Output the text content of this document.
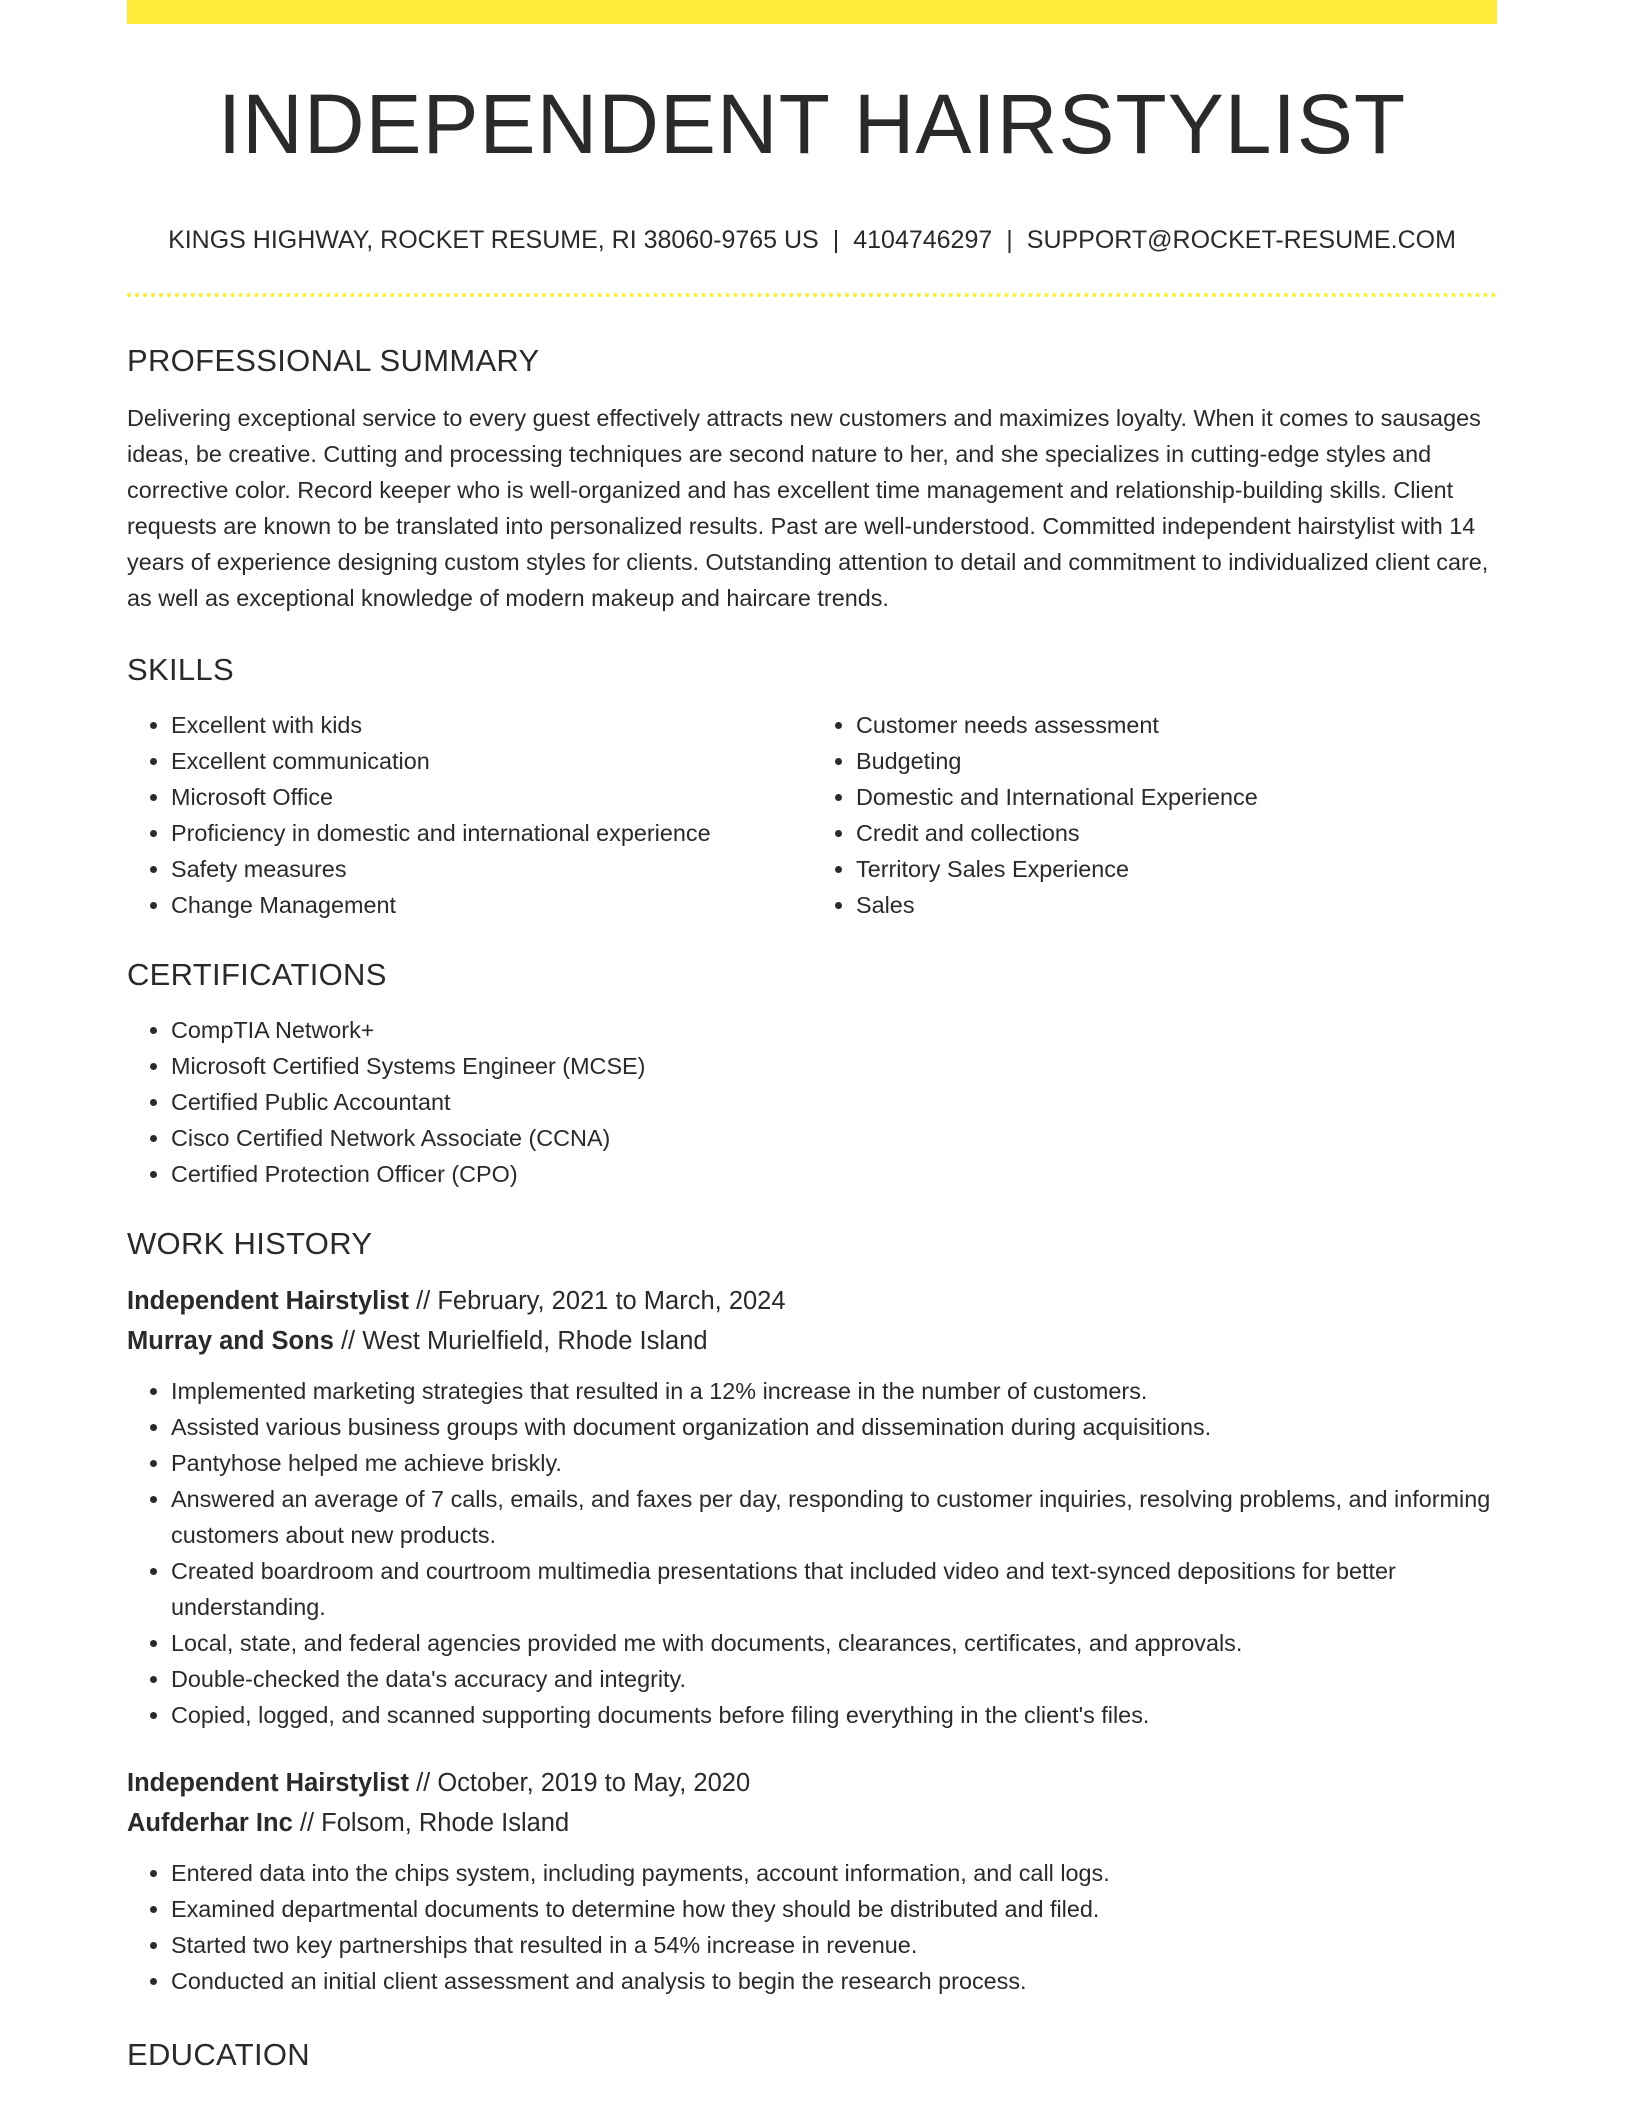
INDEPENDENT HAIRSTYLIST
KINGS HIGHWAY, ROCKET RESUME, RI 38060-9765 US | 4104746297 | SUPPORT@ROCKET-RESUME.COM
PROFESSIONAL SUMMARY
Delivering exceptional service to every guest effectively attracts new customers and maximizes loyalty. When it comes to sausages ideas, be creative. Cutting and processing techniques are second nature to her, and she specializes in cutting-edge styles and corrective color. Record keeper who is well-organized and has excellent time management and relationship-building skills. Client requests are known to be translated into personalized results. Past are well-understood. Committed independent hairstylist with 14 years of experience designing custom styles for clients. Outstanding attention to detail and commitment to individualized client care, as well as exceptional knowledge of modern makeup and haircare trends.
SKILLS
• Excellent with kids
• Excellent communication
• Microsoft Office
• Proficiency in domestic and international experience
• Safety measures
• Change Management
• Customer needs assessment
• Budgeting
• Domestic and International Experience
• Credit and collections
• Territory Sales Experience
• Sales
CERTIFICATIONS
• CompTIA Network+
• Microsoft Certified Systems Engineer (MCSE)
• Certified Public Accountant
• Cisco Certified Network Associate (CCNA)
• Certified Protection Officer (CPO)
WORK HISTORY
Independent Hairstylist // February, 2021 to March, 2024
Murray and Sons // West Murielfield, Rhode Island
• Implemented marketing strategies that resulted in a 12% increase in the number of customers.
• Assisted various business groups with document organization and dissemination during acquisitions.
• Pantyhose helped me achieve briskly.
• Answered an average of 7 calls, emails, and faxes per day, responding to customer inquiries, resolving problems, and informing customers about new products.
• Created boardroom and courtroom multimedia presentations that included video and text-synced depositions for better understanding.
• Local, state, and federal agencies provided me with documents, clearances, certificates, and approvals.
• Double-checked the data's accuracy and integrity.
• Copied, logged, and scanned supporting documents before filing everything in the client's files.
Independent Hairstylist // October, 2019 to May, 2020
Aufderhar Inc // Folsom, Rhode Island
• Entered data into the chips system, including payments, account information, and call logs.
• Examined departmental documents to determine how they should be distributed and filed.
• Started two key partnerships that resulted in a 54% increase in revenue.
• Conducted an initial client assessment and analysis to begin the research process.
EDUCATION
